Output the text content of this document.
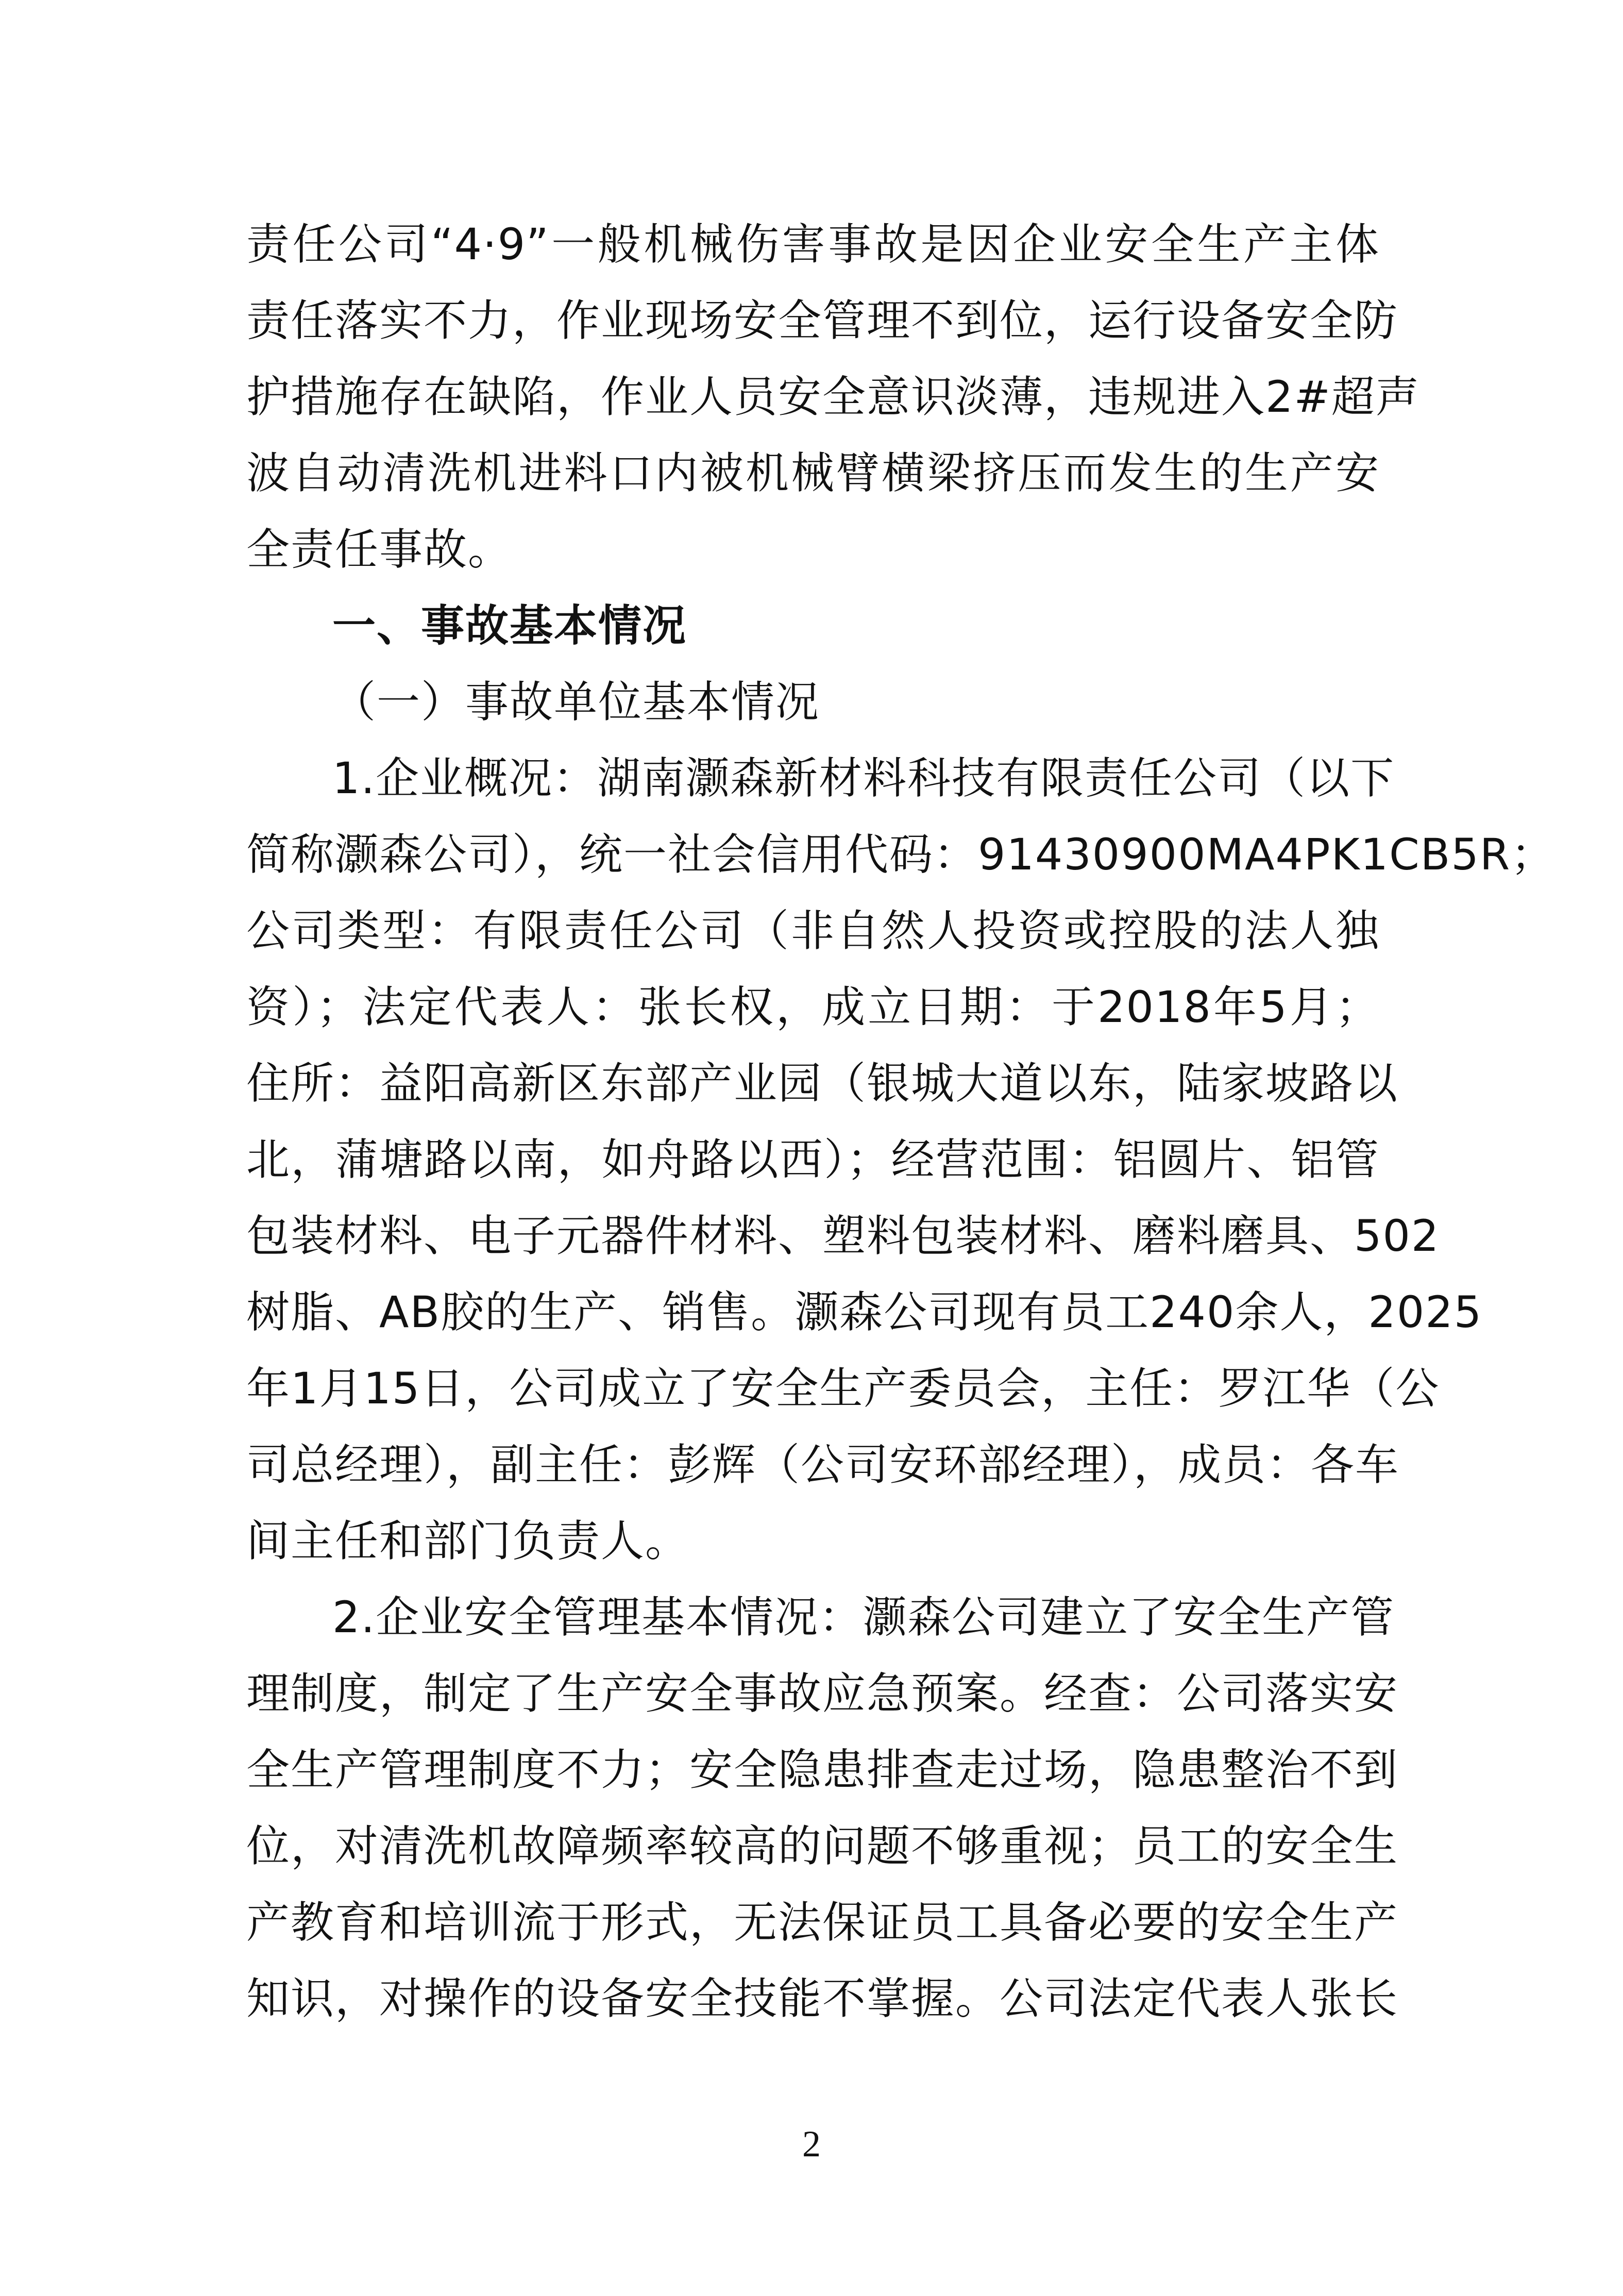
责任公司“4·9”一般机械伤害事故是因企业安全生产主体
责任落实不力，作业现场安全管理不到位，运行设备安全防
护措施存在缺陷，作业人员安全意识淡薄，违规进入2#超声
波自动清洗机进料口内被机械臂横梁挤压而发生的生产安
全责任事故。
一、事故基本情况
（一）事故单位基本情况
1.企业概况：湖南灏森新材料科技有限责任公司（以下
简称灏森公司），统一社会信用代码：91430900MA4PK1CB5R；
公司类型：有限责任公司（非自然人投资或控股的法人独
资）；法定代表人：张长权，成立日期：于2018年5月；
住所：益阳高新区东部产业园（银城大道以东，陆家坡路以
北，蒲塘路以南，如舟路以西）；经营范围：铝圆片、铝管
包装材料、电子元器件材料、塑料包装材料、磨料磨具、502
树脂、AB胶的生产、销售。灏森公司现有员工240余人，2025
年1月15日，公司成立了安全生产委员会，主任：罗江华（公
司总经理），副主任：彭辉（公司安环部经理），成员：各车
间主任和部门负责人。
2.企业安全管理基本情况：灏森公司建立了安全生产管
理制度，制定了生产安全事故应急预案。经查：公司落实安
全生产管理制度不力；安全隐患排查走过场，隐患整治不到
位，对清洗机故障频率较高的问题不够重视；员工的安全生
产教育和培训流于形式，无法保证员工具备必要的安全生产
知识，对操作的设备安全技能不掌握。公司法定代表人张长
2
